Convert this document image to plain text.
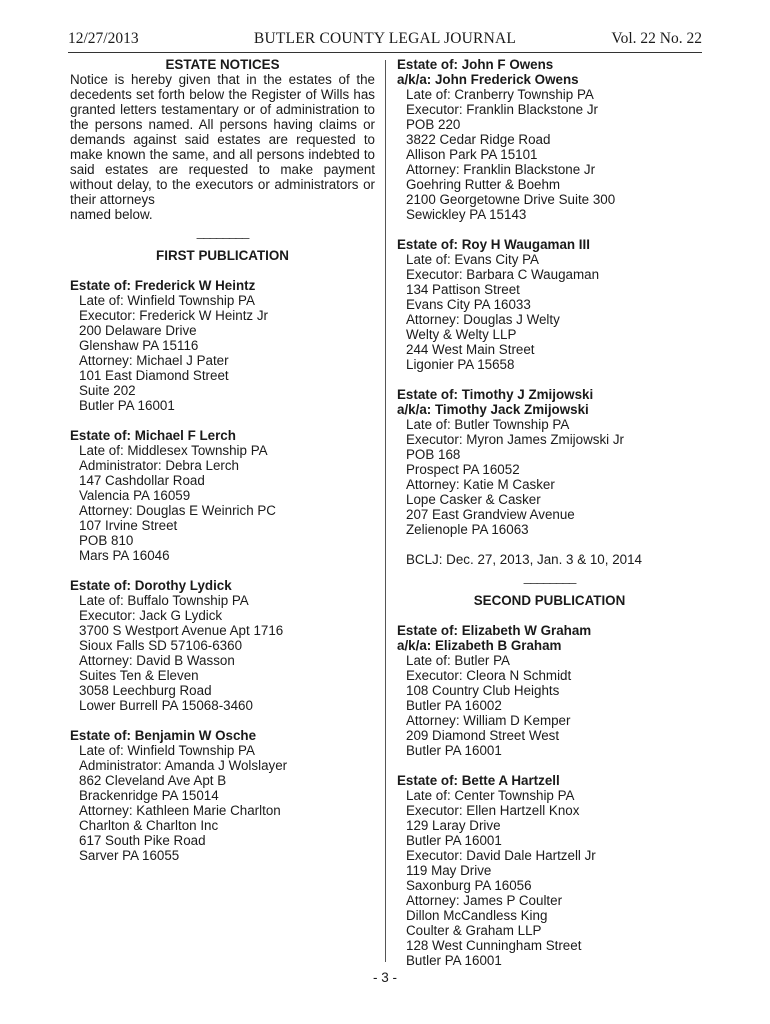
12/27/2013	BUTLER COUNTY LEGAL JOURNAL	Vol. 22 No. 22
ESTATE NOTICES

Notice is hereby given that in the estates of the decedents set forth below the Register of Wills has granted letters testamentary or of administration to the persons named. All persons having claims or demands against said estates are requested to make known the same, and all persons indebted to said estates are requested to make payment without delay, to the executors or administrators or their attorneys

named below.
________
FIRST PUBLICATION
Estate of: Frederick W Heintz
Late of: Winfield Township PA
Executor: Frederick W Heintz Jr
200 Delaware Drive
Glenshaw PA 15116
Attorney: Michael J Pater
101 East Diamond Street
Suite 202
Butler PA 16001
Estate of: Michael F Lerch
Late of: Middlesex Township PA
Administrator: Debra Lerch
147 Cashdollar Road
Valencia PA 16059
Attorney: Douglas E Weinrich PC
107 Irvine Street
POB 810
Mars PA 16046
Estate of: Dorothy Lydick
Late of: Buffalo Township PA
Executor: Jack G Lydick
3700 S Westport Avenue Apt 1716
Sioux Falls SD 57106-6360
Attorney: David B Wasson
Suites Ten & Eleven
3058 Leechburg Road
Lower Burrell PA 15068-3460
Estate of: Benjamin W Osche
Late of: Winfield Township PA
Administrator: Amanda J Wolslayer
862 Cleveland Ave Apt B
Brackenridge PA 15014
Attorney: Kathleen Marie Charlton
Charlton & Charlton Inc
617 South Pike Road
Sarver PA 16055
Estate of: John F Owens
a/k/a: John Frederick Owens
Late of: Cranberry Township PA
Executor: Franklin Blackstone Jr
POB 220
3822 Cedar Ridge Road
Allison Park PA 15101
Attorney: Franklin Blackstone Jr
Goehring Rutter & Boehm
2100 Georgetowne Drive Suite 300
Sewickley PA 15143
Estate of: Roy H Waugaman III
Late of: Evans City PA
Executor: Barbara C Waugaman
134 Pattison Street
Evans City PA 16033
Attorney: Douglas J Welty
Welty & Welty LLP
244 West Main Street
Ligonier PA 15658
Estate of: Timothy J Zmijowski
a/k/a: Timothy Jack Zmijowski
Late of: Butler Township PA
Executor: Myron James Zmijowski Jr
POB 168
Prospect PA 16052
Attorney: Katie M Casker
Lope Casker & Casker
207 East Grandview Avenue
Zelienople PA 16063
BCLJ: Dec. 27, 2013, Jan. 3 & 10, 2014
________
SECOND PUBLICATION
Estate of: Elizabeth W Graham
a/k/a: Elizabeth B Graham
Late of: Butler PA
Executor: Cleora N Schmidt
108 Country Club Heights
Butler PA 16002
Attorney: William D Kemper
209 Diamond Street West
Butler PA 16001
Estate of: Bette A Hartzell
Late of: Center Township PA
Executor: Ellen Hartzell Knox
129 Laray Drive
Butler PA 16001
Executor: David Dale Hartzell Jr
119 May Drive
Saxonburg PA 16056
Attorney: James P Coulter
Dillon McCandless King
Coulter & Graham LLP
128 West Cunningham Street
Butler PA 16001
- 3 -
